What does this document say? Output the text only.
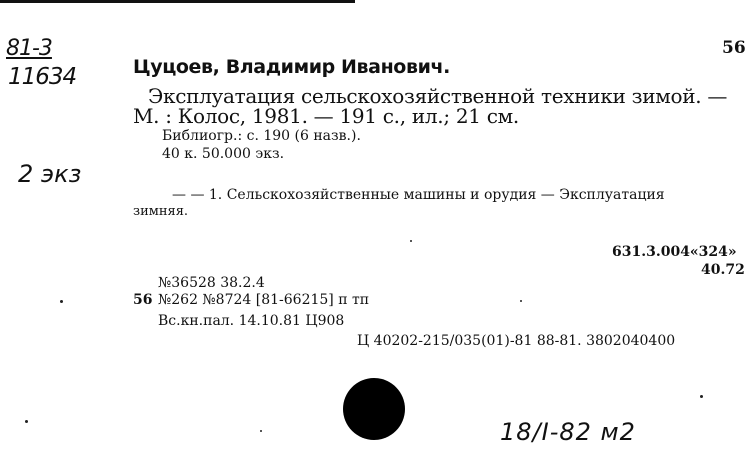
56
81-3
11634
2 экз
Цуцоев, Владимир Иванович.
Эксплуатация сельскохозяйственной техники зимой. —
М. : Колос, 1981. — 191 с., ил.; 21 см.
Библиогр.: с. 190 (6 назв.).
40 к. 50.000 экз.
— — 1. Сельскохозяйственные машины и орудия — Эксплуатация
зимняя.
631.3.004«324»
40.72
№36528 38.2.4
56 №262 №8724 [81-66215] п тп
Вс.кн.пал. 14.10.81 Ц908
Ц 40202-215/035(01)-81 88-81. 3802040400
18/I-82 м2
